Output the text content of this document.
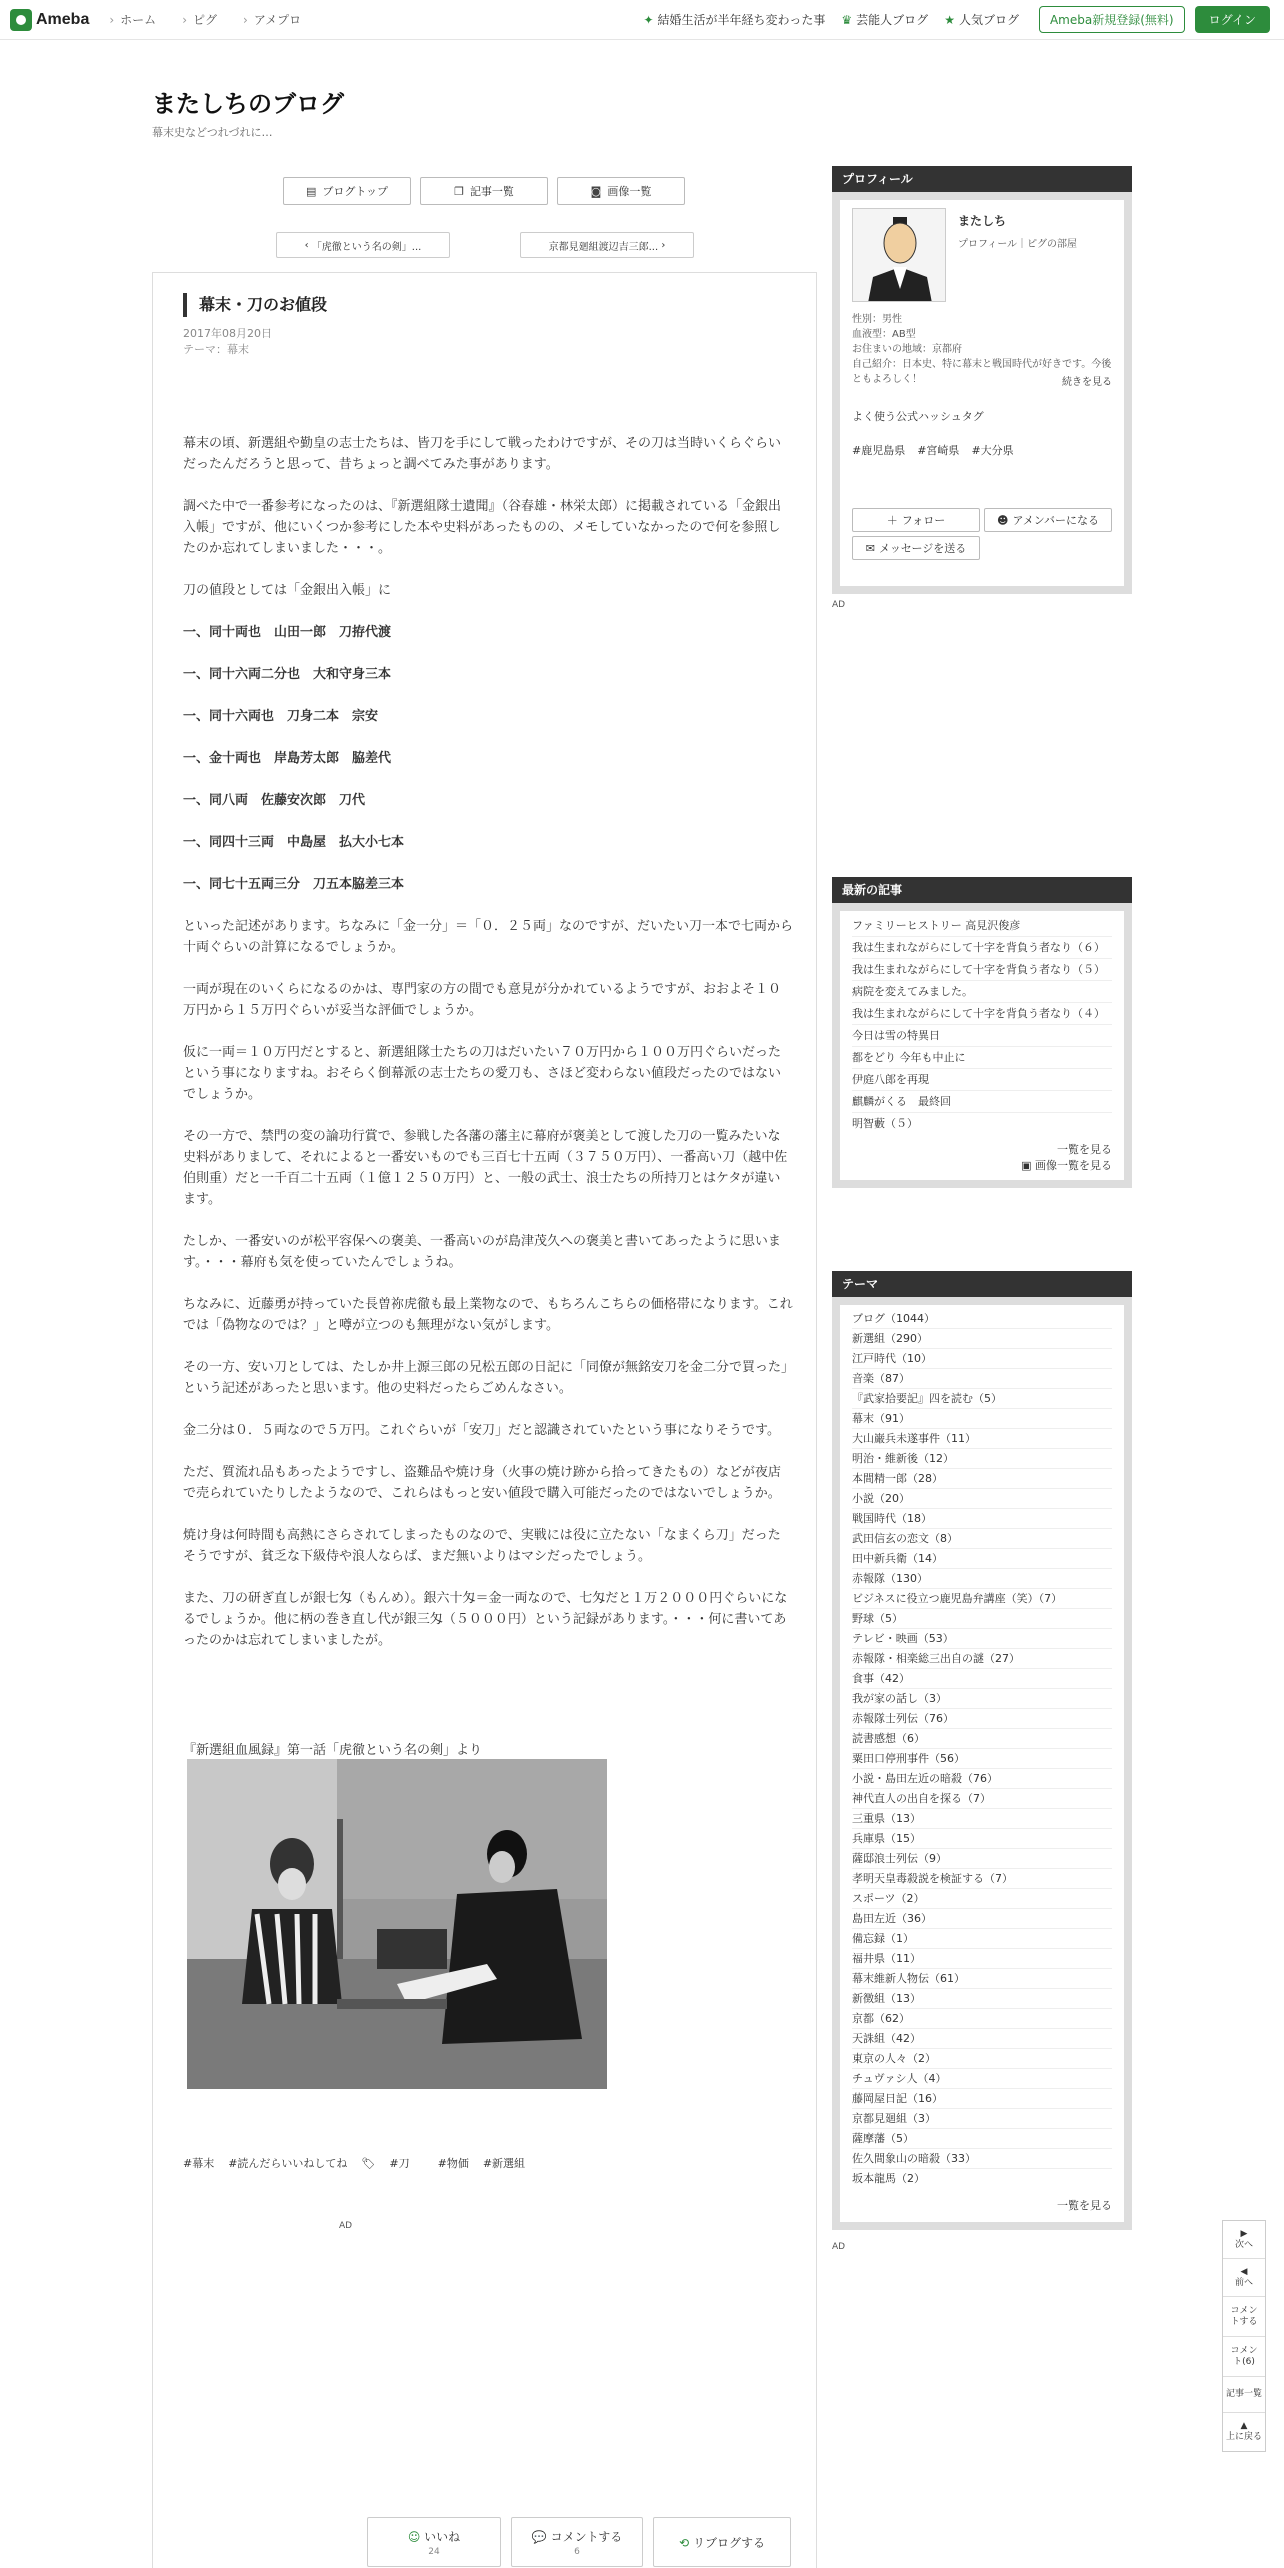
Ameba	› ホーム	› ピグ	› アメプロ	✦ 結婚生活が半年経ち変わった事 ♛ 芸能人ブログ ★ 人気ブログ	Ameba新規登録(無料)	ログイン
またしちのブログ
幕末史などつれづれに…
▤ ブログトップ	❐ 記事一覧	◙ 画像一覧
‹ 「虎徹という名の剣」...	京都見廻組渡辺吉三郎... ›
幕末・刀のお値段
2017年08月20日
テーマ：幕末

幕末の頃、新選組や勤皇の志士たちは、皆刀を手にして戦ったわけですが、その刀は当時いくらぐらいだったんだろうと思って、昔ちょっと調べてみた事があります。

調べた中で一番参考になったのは、『新選組隊士遺聞』（谷春雄・林栄太郎）に掲載されている「金銀出入帳」ですが、他にいくつか参考にした本や史料があったものの、メモしていなかったので何を参照したのか忘れてしまいました・・・。

刀の値段としては「金銀出入帳」に

一、同十両也　山田一郎　刀拵代渡

一、同十六両二分也　大和守身三本

一、同十六両也　刀身二本　宗安

一、金十両也　岸島芳太郎　脇差代

一、同八両　佐藤安次郎　刀代

一、同四十三両　中島屋　払大小七本

一、同七十五両三分　刀五本脇差三本

といった記述があります。ちなみに「金一分」＝「０．２５両」なのですが、だいたい刀一本で七両から十両ぐらいの計算になるでしょうか。

一両が現在のいくらになるのかは、専門家の方の間でも意見が分かれているようですが、おおよそ１０万円から１５万円ぐらいが妥当な評価でしょうか。

仮に一両＝１０万円だとすると、新選組隊士たちの刀はだいたい７０万円から１００万円ぐらいだったという事になりますね。おそらく倒幕派の志士たちの愛刀も、さほど変わらない値段だったのではないでしょうか。

その一方で、禁門の変の論功行賞で、参戦した各藩の藩主に幕府が褒美として渡した刀の一覧みたいな史料がありまして、それによると一番安いものでも三百七十五両（３７５０万円）、一番高い刀（越中佐伯則重）だと一千百二十五両（１億１２５０万円）と、一般の武士、浪士たちの所持刀とはケタが違います。

たしか、一番安いのが松平容保への褒美、一番高いのが島津茂久への褒美と書いてあったように思います。・・・幕府も気を使っていたんでしょうね。

ちなみに、近藤勇が持っていた長曽祢虎徹も最上業物なので、もちろんこちらの価格帯になります。これでは「偽物なのでは？」と噂が立つのも無理がない気がします。

その一方、安い刀としては、たしか井上源三郎の兄松五郎の日記に「同僚が無銘安刀を金二分で買った」という記述があったと思います。他の史料だったらごめんなさい。

金二分は０．５両なので５万円。これぐらいが「安刀」だと認識されていたという事になりそうです。

ただ、質流れ品もあったようですし、盗難品や焼け身（火事の焼け跡から拾ってきたもの）などが夜店で売られていたりしたようなので、これらはもっと安い値段で購入可能だったのではないでしょうか。

焼け身は何時間も高熱にさらされてしまったものなので、実戦には役に立たない「なまくら刀」だったそうですが、貧乏な下級侍や浪人ならば、まだ無いよりはマシだったでしょう。

また、刀の研ぎ直しが銀七匁（もんめ）。銀六十匁＝金一両なので、七匁だと１万２０００円ぐらいになるでしょうか。他に柄の巻き直し代が銀三匁（５０００円）という記録があります。・・・何に書いてあったのかは忘れてしまいましたが。

『新選組血風録』第一話「虎徹という名の剣」より
#幕末 #読んだらいいねしてね 🏷 #刀	#物価 #新選組
AD
☺ いいね
24
💬 コメントする
6
⟲ リブログする
プロフィール
またしち
プロフィール｜ピグの部屋
性別：男性
血液型：AB型
お住まいの地域：京都府
自己紹介：日本史、特に幕末と戦国時代が好きです。今後ともよろしく！	続きを見る
よく使う公式ハッシュタグ
#鹿児島県 #宮崎県 #大分県
＋ フォロー	☻ アメンバーになる
✉ メッセージを送る
AD
最新の記事
ファミリーヒストリー 高見沢俊彦
我は生まれながらにして十字を背負う者なり（６）
我は生まれながらにして十字を背負う者なり（５）
病院を変えてみました。
我は生まれながらにして十字を背負う者なり（４）
今日は雪の特異日
都をどり 今年も中止に
伊庭八郎を再現
麒麟がくる　最終回
明智藪（５）
一覧を見る
▣ 画像一覧を見る
テーマ
ブログ（1044）
新選組（290）
江戸時代（10）
音楽（87）
『武家拾要記』四を読む（5）
幕末（91）
大山巌兵未遂事件（11）
明治・維新後（12）
本間精一郎（28）
小説（20）
戦国時代（18）
武田信玄の恋文（8）
田中新兵衛（14）
赤報隊（130）
ビジネスに役立つ鹿児島弁講座（笑）（7）
野球（5）
テレビ・映画（53）
赤報隊・相楽総三出自の謎（27）
食事（42）
我が家の話し（3）
赤報隊士列伝（76）
読書感想（6）
粟田口停刑事件（56）
小説・島田左近の暗殺（76）
神代直人の出自を探る（7）
三重県（13）
兵庫県（15）
薩邸浪士列伝（9）
孝明天皇毒殺説を検証する（7）
スポーツ（2）
島田左近（36）
備忘録（1）
福井県（11）
幕末維新人物伝（61）
新徴組（13）
京都（62）
天誅組（42）
東京の人々（2）
チュヴァシ人（4）
藤岡屋日記（16）
京都見廻組（3）
薩摩藩（5）
佐久間象山の暗殺（33）
坂本龍馬（2）
一覧を見る
AD
▶
次へ
◀
前へ
コメントする
コメント(6)
記事一覧
▲
上に戻る
